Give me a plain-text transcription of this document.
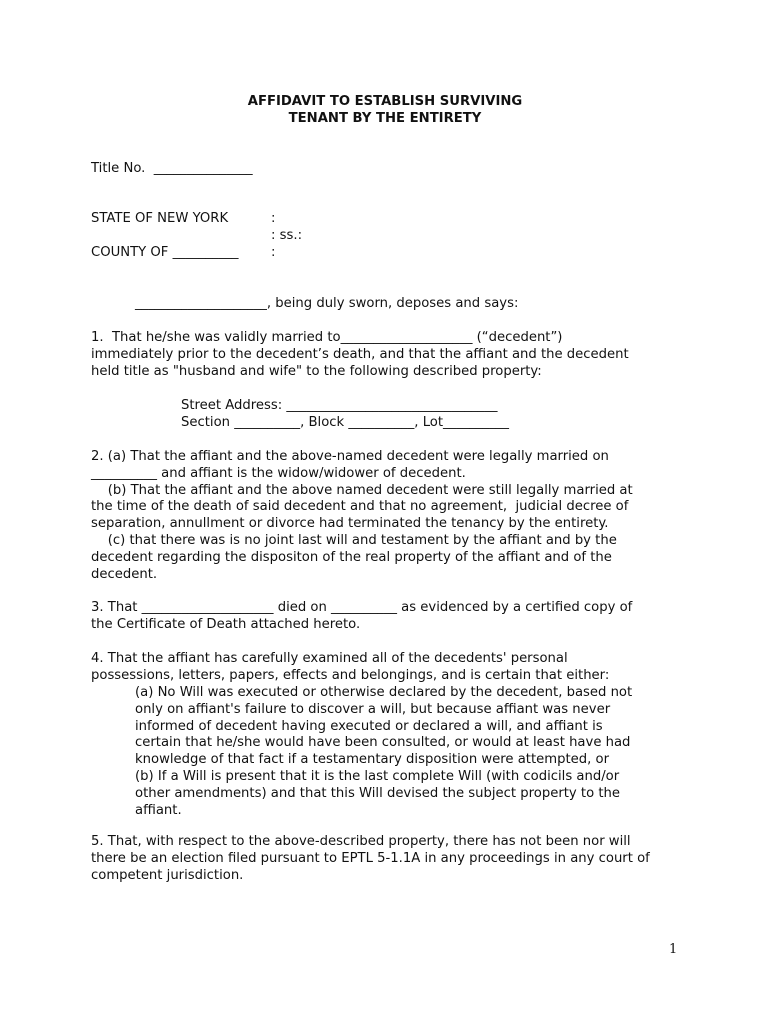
AFFIDAVIT TO ESTABLISH SURVIVING
TENANT BY THE ENTIRETY
Title No.  _______________
STATE OF NEW YORK	:
: ss.:
COUNTY OF __________ :
____________________, being duly sworn, deposes and says:
1.  That he/she was validly married to____________________ (“decedent”)
immediately prior to the decedent’s death, and that the affiant and the decedent
held title as "husband and wife" to the following described property:
Street Address: ________________________________
Section __________, Block __________, Lot__________
2. (a) That the affiant and the above-named decedent were legally married on
__________ and affiant is the widow/widower of decedent.
(b) That the affiant and the above named decedent were still legally married at
the time of the death of said decedent and that no agreement,  judicial decree of
separation, annullment or divorce had terminated the tenancy by the entirety.
(c) that there was is no joint last will and testament by the affiant and by the
decedent regarding the dispositon of the real property of the affiant and of the
decedent.
3. That ____________________ died on __________ as evidenced by a certified copy of
the Certificate of Death attached hereto.
4. That the affiant has carefully examined all of the decedents' personal
possessions, letters, papers, effects and belongings, and is certain that either:
(a) No Will was executed or otherwise declared by the decedent, based not
only on affiant's failure to discover a will, but because affiant was never
informed of decedent having executed or declared a will, and affiant is
certain that he/she would have been consulted, or would at least have had
knowledge of that fact if a testamentary disposition were attempted, or
(b) If a Will is present that it is the last complete Will (with codicils and/or
other amendments) and that this Will devised the subject property to the
affiant.
5. That, with respect to the above-described property, there has not been nor will
there be an election filed pursuant to EPTL 5-1.1A in any proceedings in any court of
competent jurisdiction.
1
